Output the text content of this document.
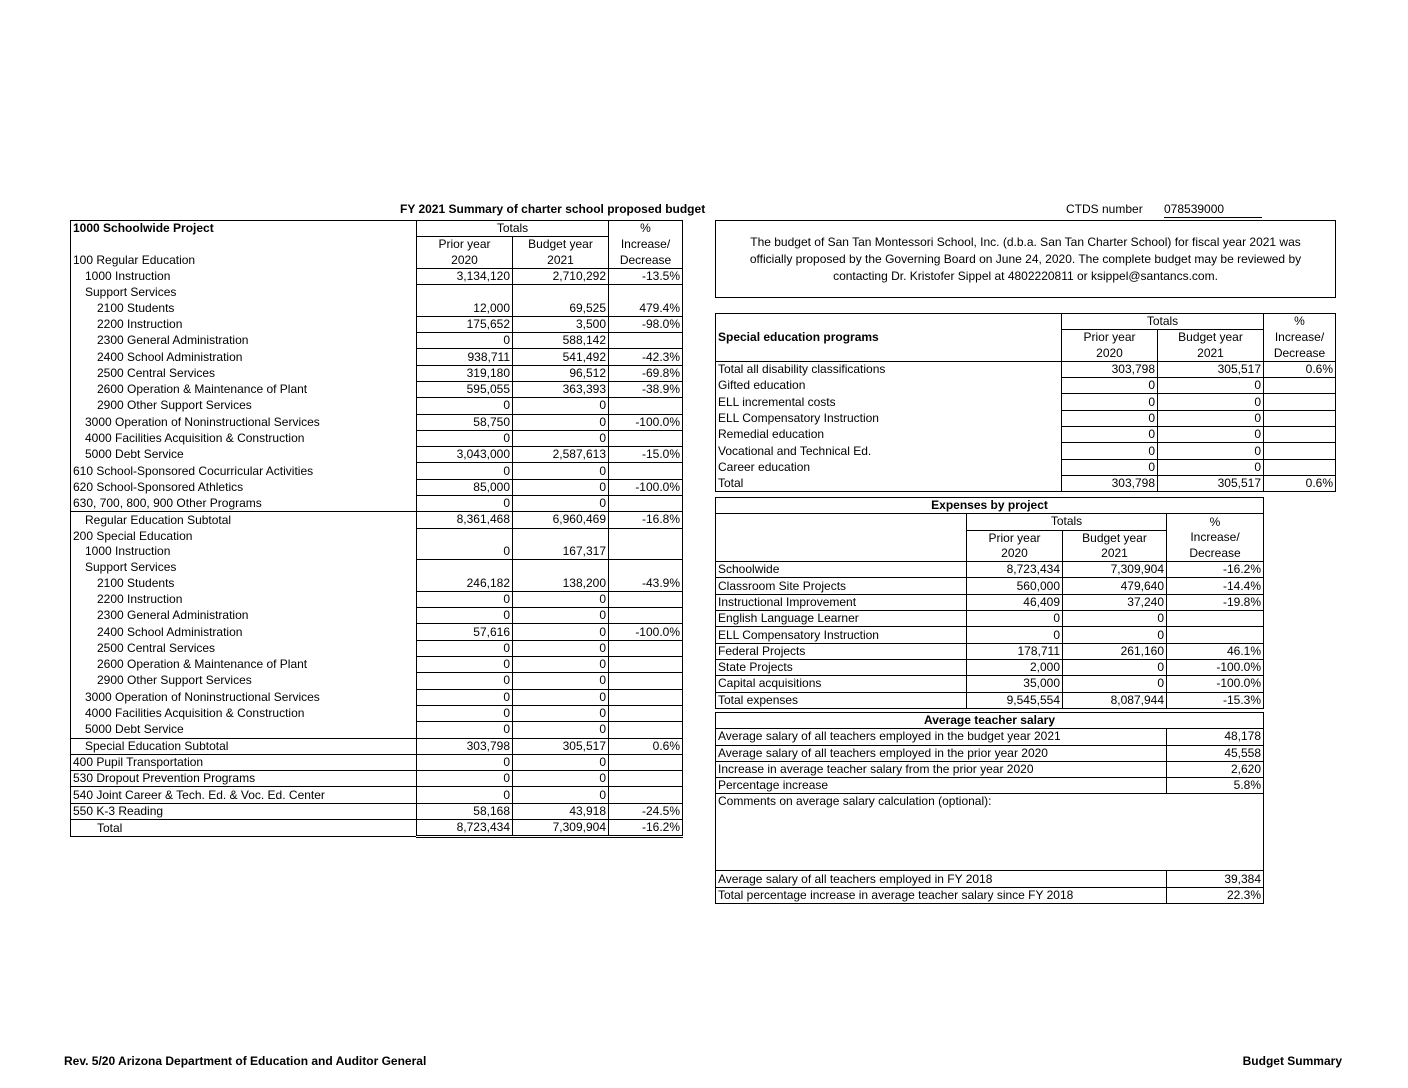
FY 2021 Summary of charter school proposed budget	CTDS number 078539000
1000 Schoolwide Project	Totals		%
	Prior year	Budget year	Increase/
100 Regular Education	2020	2021	Decrease
1000 Instruction	3,134,120	2,710,292	-13.5%
Support Services			
2100 Students	12,000	69,525	479.4%
2200 Instruction	175,652	3,500	-98.0%
2300 General Administration	0	588,142	
2400 School Administration	938,711	541,492	-42.3%
2500 Central Services	319,180	96,512	-69.8%
2600 Operation & Maintenance of Plant	595,055	363,393	-38.9%
2900 Other Support Services	0	0	
3000 Operation of Noninstructional Services	58,750	0	-100.0%
4000 Facilities Acquisition & Construction	0	0	
5000 Debt Service	3,043,000	2,587,613	-15.0%
610 School-Sponsored Cocurricular Activities	0	0	
620 School-Sponsored Athletics	85,000	0	-100.0%
630, 700, 800, 900 Other Programs	0	0	
Regular Education Subtotal	8,361,468	6,960,469	-16.8%
200 Special Education			
1000 Instruction	0	167,317	
Support Services			
2100 Students	246,182	138,200	-43.9%
2200 Instruction	0	0	
2300 General Administration	0	0	
2400 School Administration	57,616	0	-100.0%
2500 Central Services	0	0	
2600 Operation & Maintenance of Plant	0	0	
2900 Other Support Services	0	0	
3000 Operation of Noninstructional Services	0	0	
4000 Facilities Acquisition & Construction	0	0	
5000 Debt Service	0	0	
Special Education Subtotal	303,798	305,517	0.6%
400 Pupil Transportation	0	0	
530 Dropout Prevention Programs	0	0	
540 Joint Career & Tech. Ed. & Voc. Ed. Center	0	0	
550 K-3 Reading	58,168	43,918	-24.5%
Total	8,723,434	7,309,904	-16.2%
The budget of San Tan Montessori School, Inc. (d.b.a. San Tan Charter School) for fiscal year 2021 was officially proposed by the Governing Board on June 24, 2020. The complete budget may be reviewed by contacting Dr. Kristofer Sippel at 4802220811 or ksippel@santancs.com.
	Totals		%
Special education programs	Prior year	Budget year	Increase/
	2020	2021	Decrease
Total all disability classifications	303,798	305,517	0.6%
Gifted education	0	0	
ELL incremental costs	0	0	
ELL Compensatory Instruction	0	0	
Remedial education	0	0	
Vocational and Technical Ed.	0	0	
Career education	0	0	
Total	303,798	305,517	0.6%
Expenses by project			
	Totals		%
	Prior year	Budget year	Increase/
	2020	2021	Decrease
Schoolwide	8,723,434	7,309,904	-16.2%
Classroom Site Projects	560,000	479,640	-14.4%
Instructional Improvement	46,409	37,240	-19.8%
English Language Learner	0	0	
ELL Compensatory Instruction	0	0	
Federal Projects	178,711	261,160	46.1%
State Projects	2,000	0	-100.0%
Capital acquisitions	35,000	0	-100.0%
Total expenses	9,545,554	8,087,944	-15.3%
Average teacher salary	
Average salary of all teachers employed in the budget year 2021	48,178
Average salary of all teachers employed in the prior year 2020	45,558
Increase in average teacher salary from the prior year 2020	2,620
Percentage increase	5.8%
Comments on average salary calculation (optional):	
Average salary of all teachers employed in FY 2018	39,384
Total percentage increase in average teacher salary since FY 2018	22.3%
Rev. 5/20 Arizona Department of Education and Auditor General	Budget Summary
